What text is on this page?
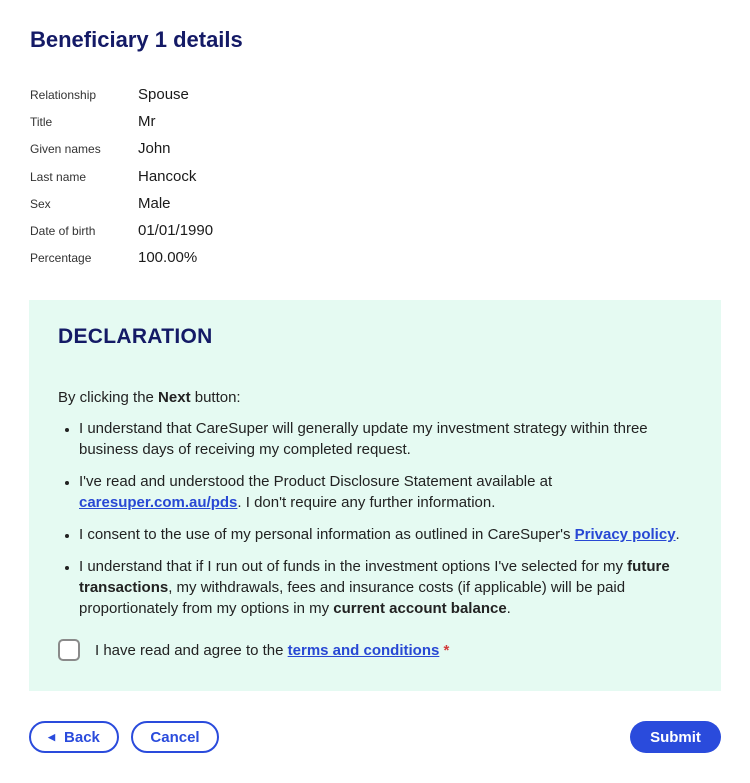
Beneficiary 1 details
Relationship	Spouse
Title	Mr
Given names	John
Last name	Hancock
Sex	Male
Date of birth	01/01/1990
Percentage	100.00%
DECLARATION

By clicking the Next button:

• I understand that CareSuper will generally update my investment strategy within three business days of receiving my completed request.
• I've read and understood the Product Disclosure Statement available at caresuper.com.au/pds. I don't require any further information.
• I consent to the use of my personal information as outlined in CareSuper's Privacy policy.
• I understand that if I run out of funds in the investment options I've selected for my future transactions, my withdrawals, fees and insurance costs (if applicable) will be paid proportionately from my options in my current account balance.
I have read and agree to the terms and conditions *
◀ Back	Cancel	Submit
